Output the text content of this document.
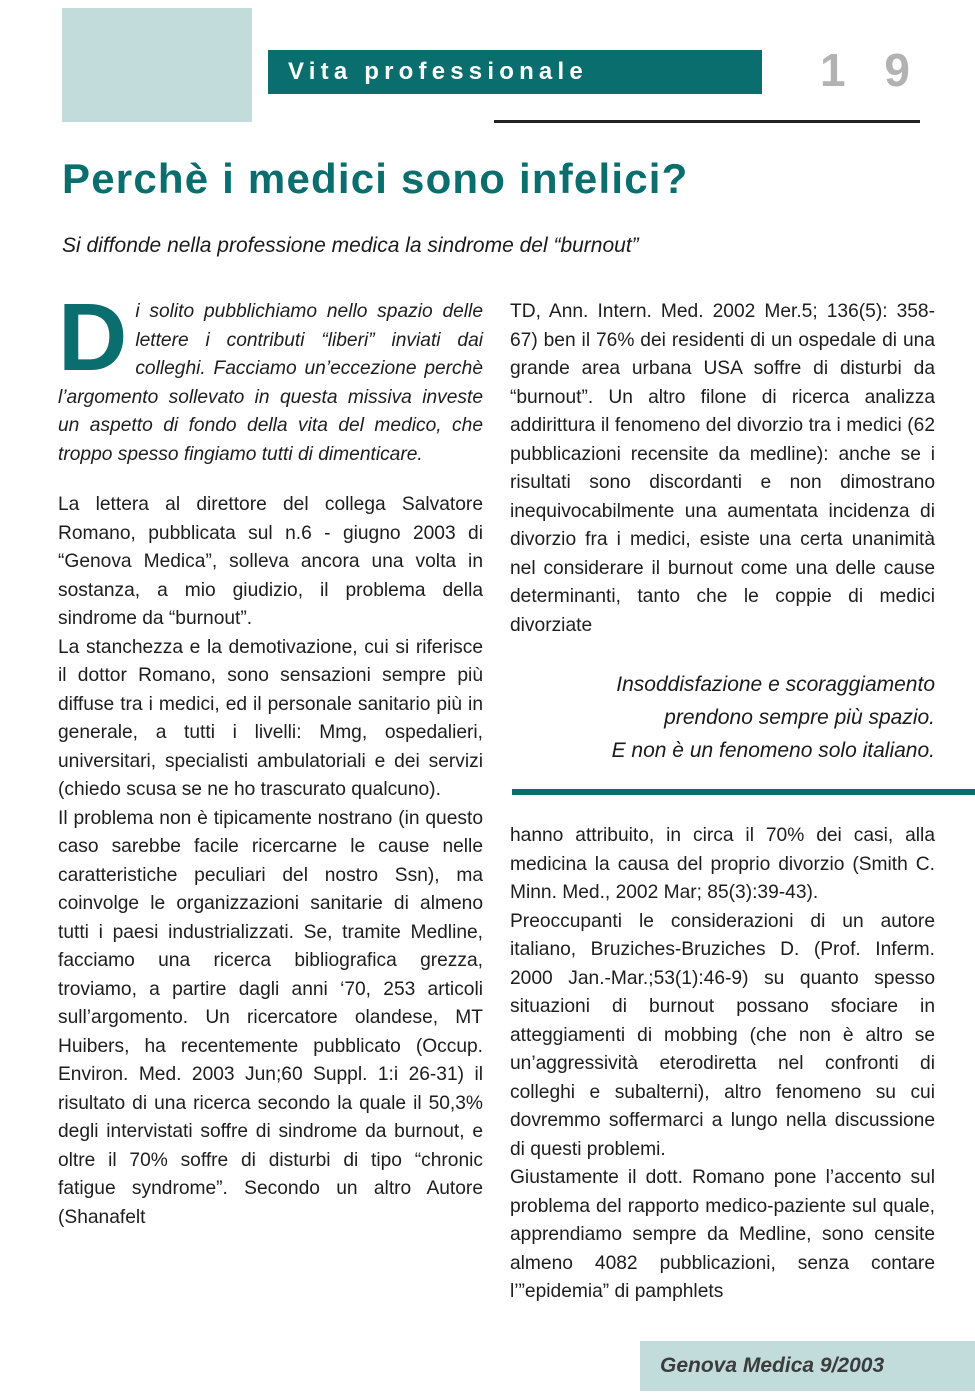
Vita professionale	1 9
Perchè i medici sono infelici?
Si diffonde nella professione medica la sindrome del “burnout”

Di solito pubblichiamo nello spazio delle lettere i contributi “liberi” inviati dai colleghi. Facciamo un’eccezione perchè l’argomento sollevato in questa missiva investe un aspetto di fondo della vita del medico, che troppo spesso fingiamo tutti di dimenticare.

La lettera al direttore del collega Salvatore Romano, pubblicata sul n.6 - giugno 2003 di “Genova Medica”, solleva ancora una volta in sostanza, a mio giudizio, il problema della sindrome da “burnout”.

La stanchezza e la demotivazione, cui si riferisce il dottor Romano, sono sensazioni sempre più diffuse tra i medici, ed il personale sanitario più in generale, a tutti i livelli: Mmg, ospedalieri, universitari, specialisti ambulatoriali e dei servizi (chiedo scusa se ne ho trascurato qualcuno).

Il problema non è tipicamente nostrano (in questo caso sarebbe facile ricercarne le cause nelle caratteristiche peculiari del nostro Ssn), ma coinvolge le organizzazioni sanitarie di almeno tutti i paesi industrializzati. Se, tramite Medline, facciamo una ricerca bibliografica grezza, troviamo, a partire dagli anni ‘70, 253 articoli sull’argomento. Un ricercatore olandese, MT Huibers, ha recentemente pubblicato (Occup. Environ. Med. 2003 Jun;60 Suppl. 1:i 26-31) il risultato di una ricerca secondo la quale il 50,3% degli intervistati soffre di sindrome da burnout, e oltre il 70% soffre di disturbi di tipo “chronic fatigue syndrome”. Secondo un altro Autore (Shanafelt

TD, Ann. Intern. Med. 2002 Mer.5; 136(5): 358-67) ben il 76% dei residenti di un ospedale di una grande area urbana USA soffre di disturbi da “burnout”. Un altro filone di ricerca analizza addirittura il fenomeno del divorzio tra i medici (62 pubblicazioni recensite da medline): anche se i risultati sono discordanti e non dimostrano inequivocabilmente una aumentata incidenza di divorzio fra i medici, esiste una certa unanimità nel considerare il burnout come una delle cause determinanti, tanto che le coppie di medici divorziate

Insoddisfazione e scoraggiamento
prendono sempre più spazio.
E non è un fenomeno solo italiano.

hanno attribuito, in circa il 70% dei casi, alla medicina la causa del proprio divorzio (Smith C. Minn. Med., 2002 Mar; 85(3):39-43).

Preoccupanti le considerazioni di un autore italiano, Bruziches-Bruziches D. (Prof. Inferm. 2000 Jan.-Mar.;53(1):46-9) su quanto spesso situazioni di burnout possano sfociare in atteggiamenti di mobbing (che non è altro se un’aggressività eterodiretta nel confronti di colleghi e subalterni), altro fenomeno su cui dovremmo soffermarci a lungo nella discussione di questi problemi.

Giustamente il dott. Romano pone l’accento sul problema del rapporto medico-paziente sul quale, apprendiamo sempre da Medline, sono censite almeno 4082 pubblicazioni, senza contare l’”epidemia” di pamphlets

Genova Medica 9/2003
